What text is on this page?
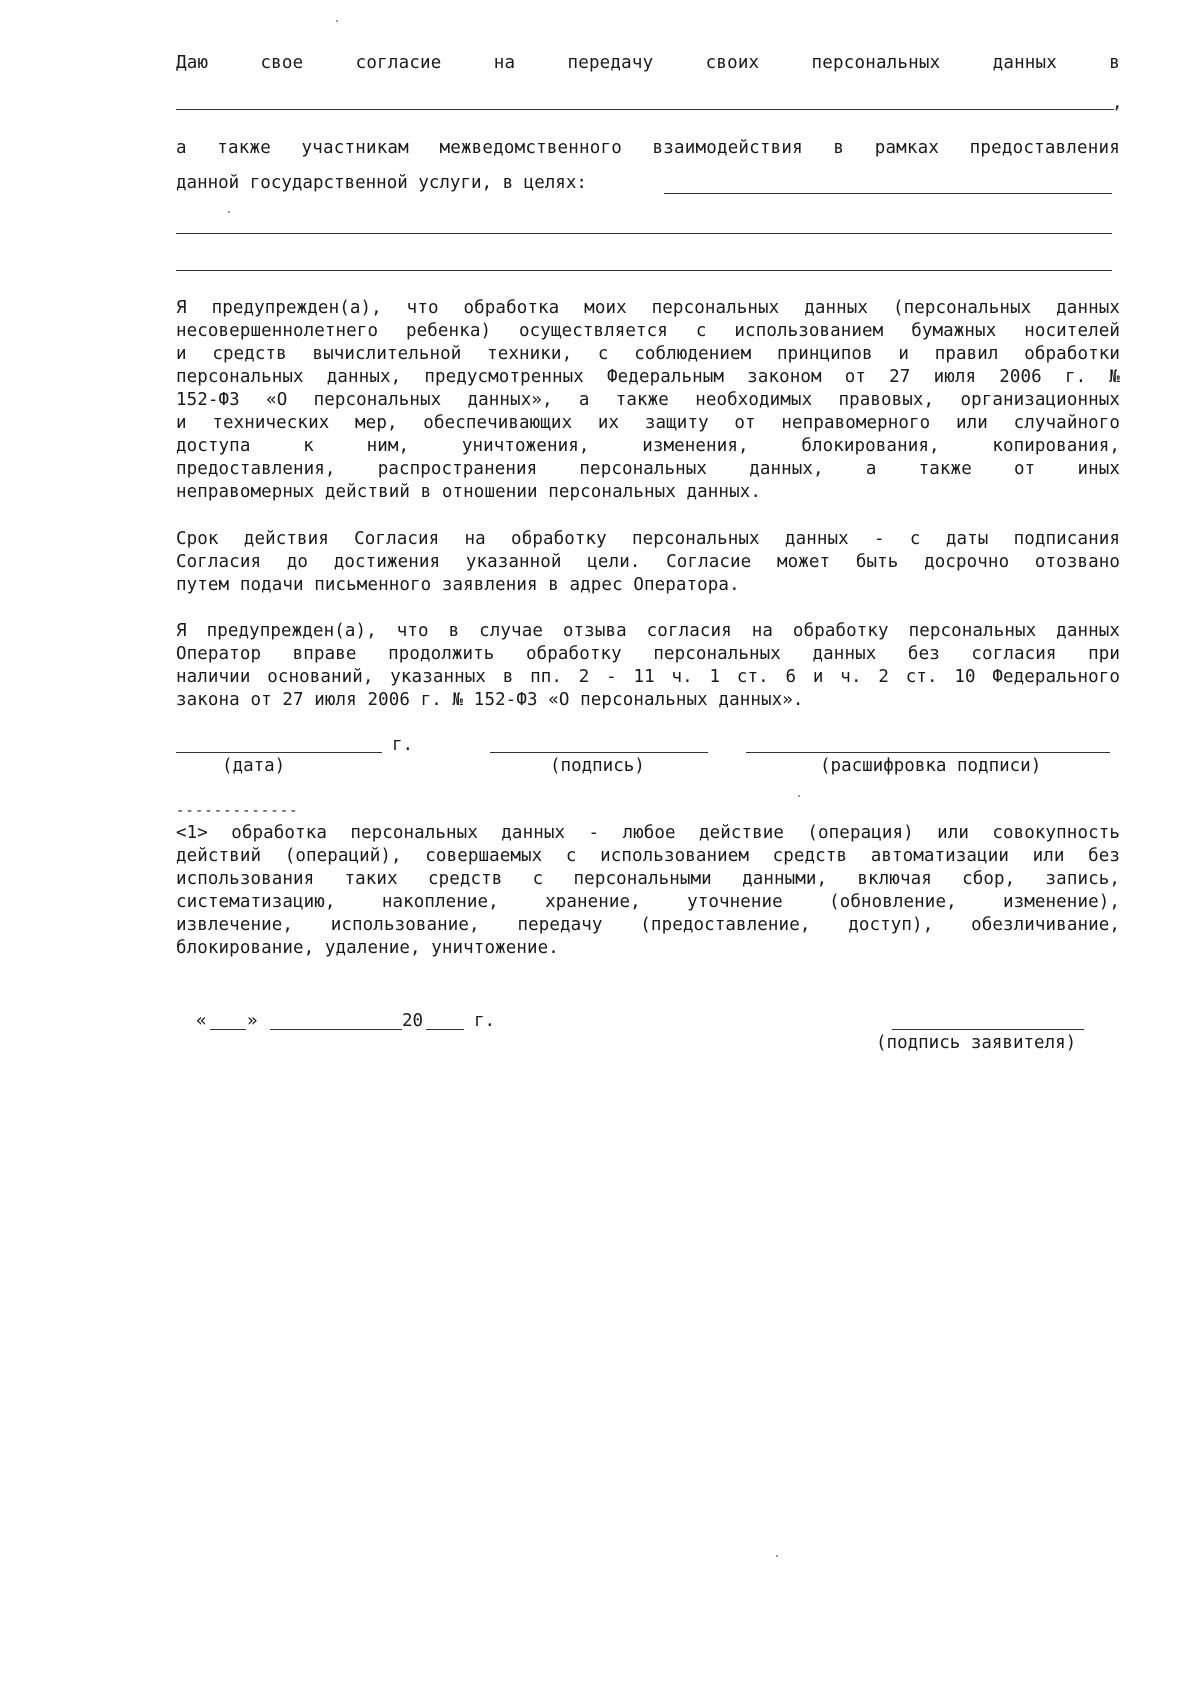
Даю свое согласие на передачу своих персональных данных в
,
а также участникам межведомственного взаимодействия в рамках предоставления
данной государственной услуги, в целях:
Я предупрежден(а), что обработка моих персональных данных (персональных данных
несовершеннолетнего ребенка) осуществляется с использованием бумажных носителей
и средств вычислительной техники, с соблюдением принципов и правил обработки
персональных данных, предусмотренных Федеральным законом от 27 июля 2006 г. №
152-ФЗ «О персональных данных», а также необходимых правовых, организационных
и технических мер, обеспечивающих их защиту от неправомерного или случайного
доступа к ним, уничтожения, изменения, блокирования, копирования,
предоставления, распространения персональных данных, а также от иных
неправомерных действий в отношении персональных данных.
Срок действия Согласия на обработку персональных данных - с даты подписания
Согласия до достижения указанной цели. Согласие может быть досрочно отозвано
путем подачи письменного заявления в адрес Оператора.
Я предупрежден(а), что в случае отзыва согласия на обработку персональных данных
Оператор вправе продолжить обработку персональных данных без согласия при
наличии оснований, указанных в пп. 2 - 11 ч. 1 ст. 6 и ч. 2 ст. 10 Федерального
закона от 27 июля 2006 г. № 152-ФЗ «О персональных данных».
г.
(дата)	(подпись)	(расшифровка подписи)
-------------
<1> обработка персональных данных - любое действие (операция) или совокупность
действий (операций), совершаемых с использованием средств автоматизации или без
использования таких средств с персональными данными, включая сбор, запись,
систематизацию, накопление, хранение, уточнение (обновление, изменение),
извлечение, использование, передачу (предоставление, доступ), обезличивание,
блокирование, удаление, уничтожение.
« »	20	г.
(подпись заявителя)
